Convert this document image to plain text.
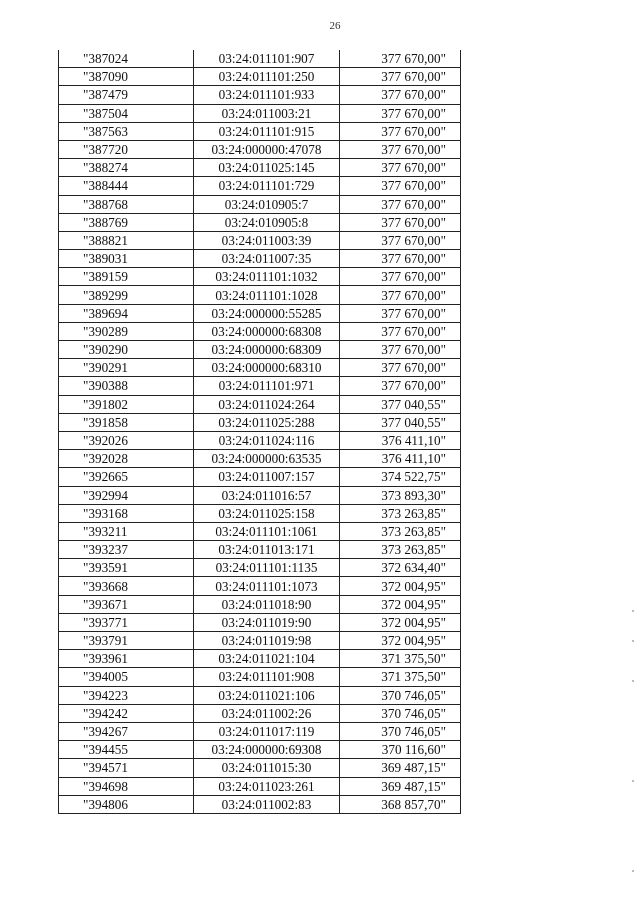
26
"387024	03:24:011101:907	377 670,00"
"387090	03:24:011101:250	377 670,00"
"387479	03:24:011101:933	377 670,00"
"387504	03:24:011003:21	377 670,00"
"387563	03:24:011101:915	377 670,00"
"387720	03:24:000000:47078	377 670,00"
"388274	03:24:011025:145	377 670,00"
"388444	03:24:011101:729	377 670,00"
"388768	03:24:010905:7	377 670,00"
"388769	03:24:010905:8	377 670,00"
"388821	03:24:011003:39	377 670,00"
"389031	03:24:011007:35	377 670,00"
"389159	03:24:011101:1032	377 670,00"
"389299	03:24:011101:1028	377 670,00"
"389694	03:24:000000:55285	377 670,00"
"390289	03:24:000000:68308	377 670,00"
"390290	03:24:000000:68309	377 670,00"
"390291	03:24:000000:68310	377 670,00"
"390388	03:24:011101:971	377 670,00"
"391802	03:24:011024:264	377 040,55"
"391858	03:24:011025:288	377 040,55"
"392026	03:24:011024:116	376 411,10"
"392028	03:24:000000:63535	376 411,10"
"392665	03:24:011007:157	374 522,75"
"392994	03:24:011016:57	373 893,30"
"393168	03:24:011025:158	373 263,85"
"393211	03:24:011101:1061	373 263,85"
"393237	03:24:011013:171	373 263,85"
"393591	03:24:011101:1135	372 634,40"
"393668	03:24:011101:1073	372 004,95"
"393671	03:24:011018:90	372 004,95"
"393771	03:24:011019:90	372 004,95"
"393791	03:24:011019:98	372 004,95"
"393961	03:24:011021:104	371 375,50"
"394005	03:24:011101:908	371 375,50"
"394223	03:24:011021:106	370 746,05"
"394242	03:24:011002:26	370 746,05"
"394267	03:24:011017:119	370 746,05"
"394455	03:24:000000:69308	370 116,60"
"394571	03:24:011015:30	369 487,15"
"394698	03:24:011023:261	369 487,15"
"394806	03:24:011002:83	368 857,70"
